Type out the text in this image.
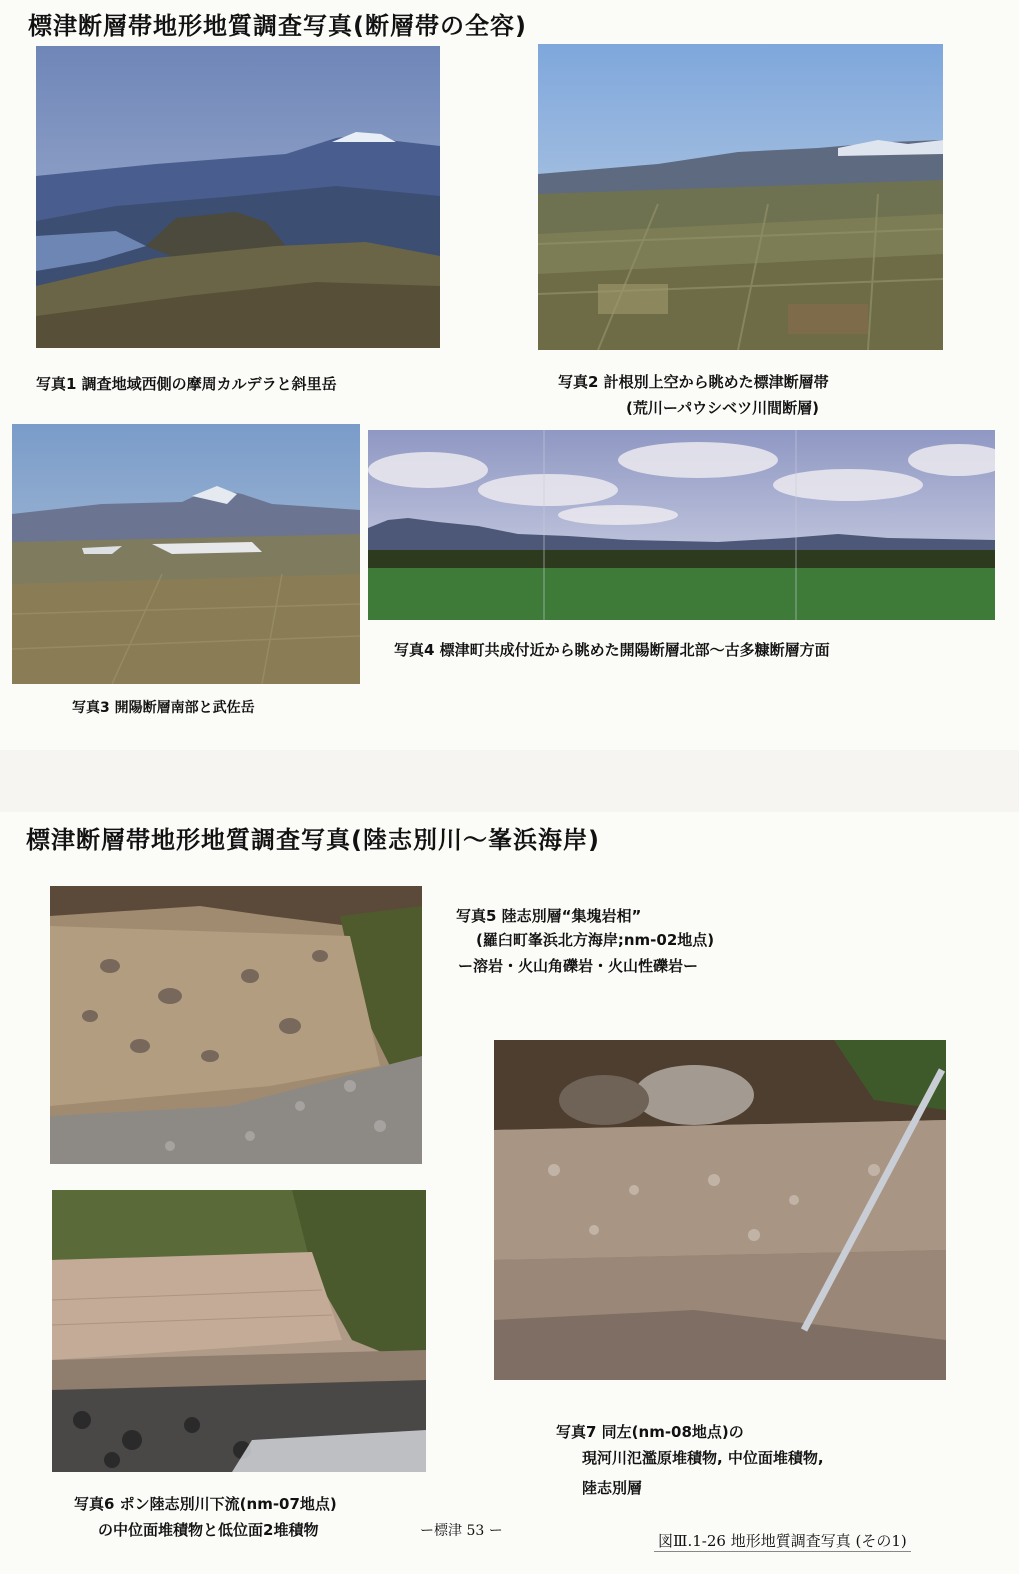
標津断層帯地形地質調査写真(断層帯の全容)
写真1 調査地域西側の摩周カルデラと斜里岳	写真2 計根別上空から眺めた標津断層帯
(荒川ーパウシベツ川間断層)
写真4 標津町共成付近から眺めた開陽断層北部～古多糠断層方面
写真3 開陽断層南部と武佐岳
標津断層帯地形地質調査写真(陸志別川～峯浜海岸)
写真5 陸志別層“集塊岩相”
(羅臼町峯浜北方海岸;nm-02地点)
ー溶岩・火山角礫岩・火山性礫岩ー
写真7 同左(nm-08地点)の
現河川氾濫原堆積物, 中位面堆積物,
陸志別層
写真6 ポン陸志別川下流(nm-07地点)
の中位面堆積物と低位面2堆積物	ー標津 53 ー
図Ⅲ.1-26 地形地質調査写真 (その1)
